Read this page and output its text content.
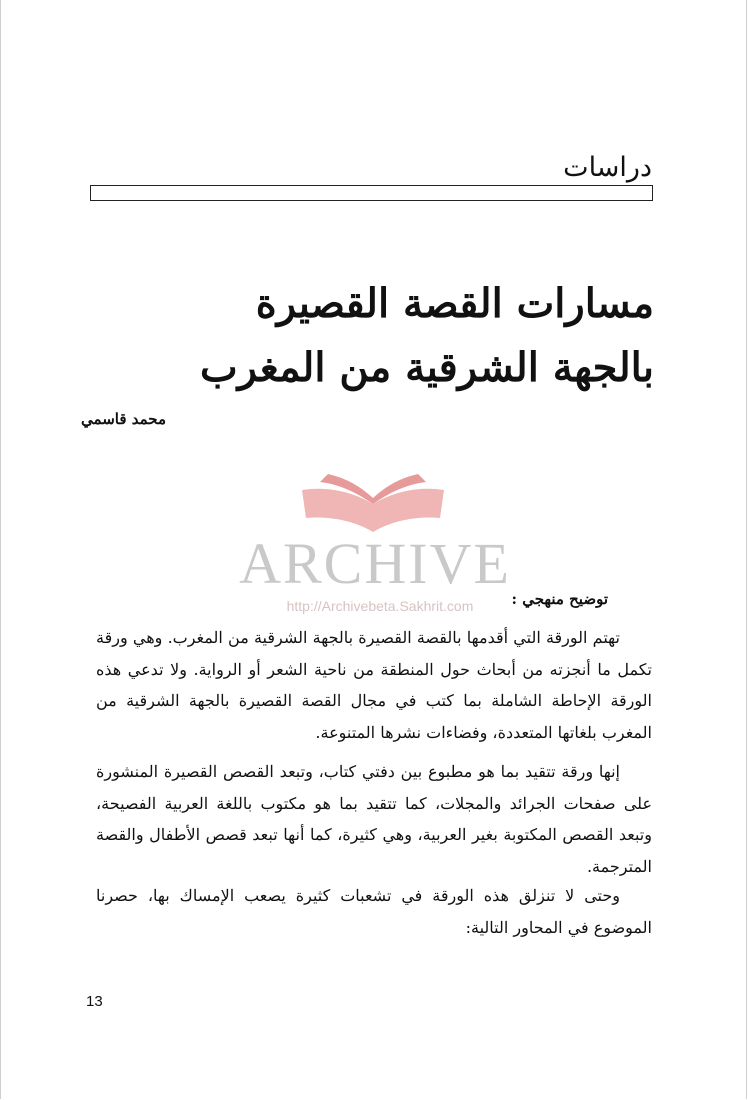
دراسات
مسارات القصة القصيرة بالجهة الشرقية من المغرب
محمد قاسمي
ARCHIVE
http://Archivebeta.Sakhrit.com	توضيح منهجي :
تهتم الورقة التي أقدمها بالقصة القصيرة بالجهة الشرقية من المغرب. وهي ورقة تكمل ما أنجزته من أبحاث حول المنطقة من ناحية الشعر أو الرواية. ولا تدعي هذه الورقة الإحاطة الشاملة بما كتب في مجال القصة القصيرة بالجهة الشرقية من المغرب بلغاتها المتعددة، وفضاءات نشرها المتنوعة.
إنها ورقة تتقيد بما هو مطبوع بين دفتي كتاب، وتبعد القصص القصيرة المنشورة على صفحات الجرائد والمجلات، كما تتقيد بما هو مكتوب باللغة العربية الفصيحة، وتبعد القصص المكتوبة بغير العربية، وهي كثيرة، كما أنها تبعد قصص الأطفال والقصة المترجمة.
وحتى لا تنزلق هذه الورقة في تشعبات كثيرة يصعب الإمساك بها، حصرنا الموضوع في المحاور التالية:
13
